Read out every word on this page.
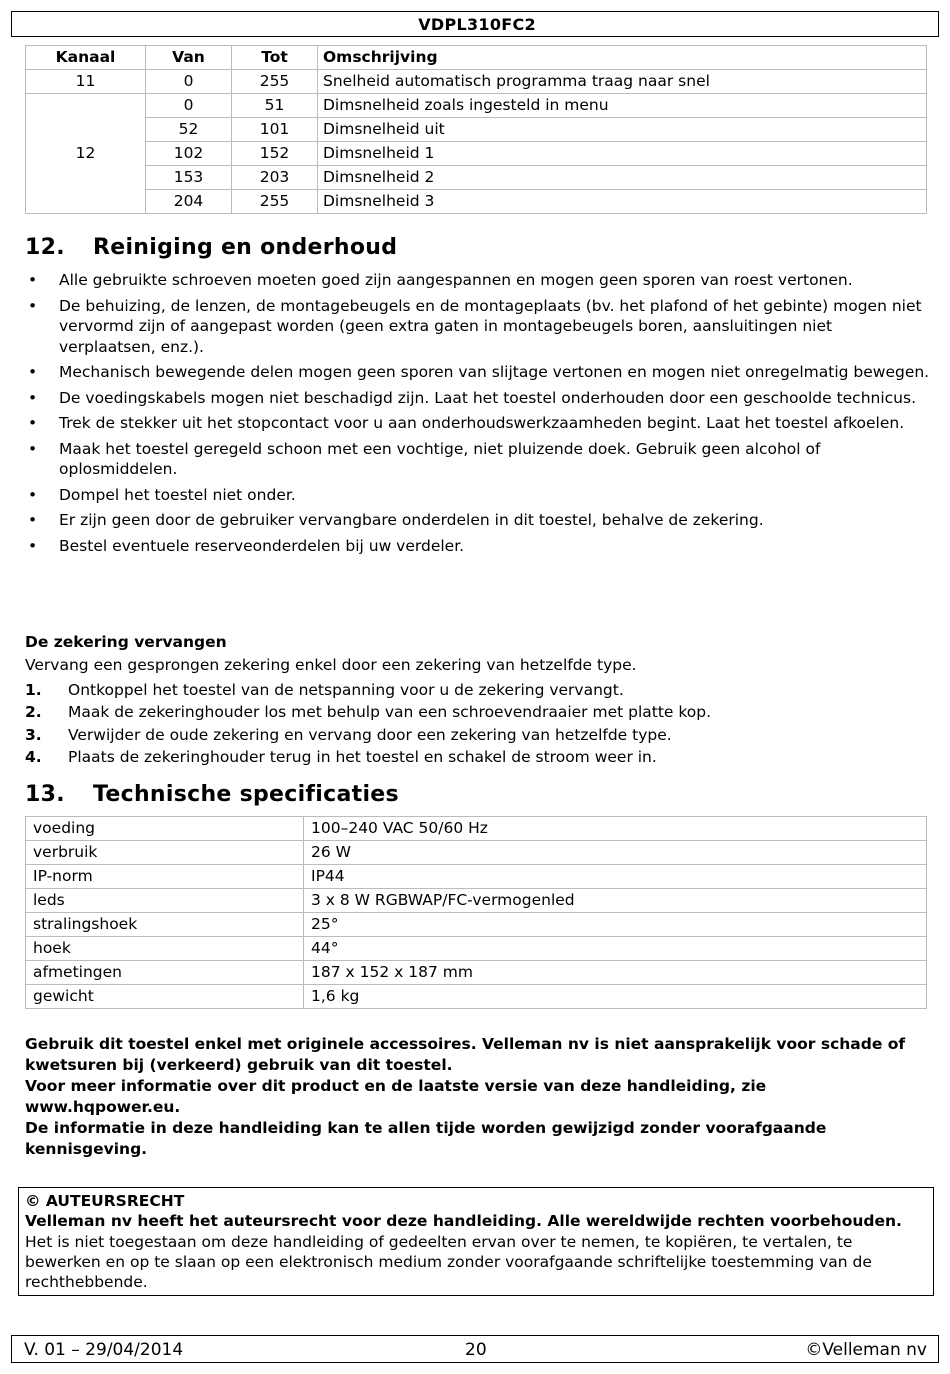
VDPL310FC2
Kanaal	Van	Tot	Omschrijving
11	0	255	Snelheid automatisch programma traag naar snel
12	0	51	Dimsnelheid zoals ingesteld in menu
	52	101	Dimsnelheid uit
	102	152	Dimsnelheid 1
	153	203	Dimsnelheid 2
	204	255	Dimsnelheid 3
12. Reiniging en onderhoud
• Alle gebruikte schroeven moeten goed zijn aangespannen en mogen geen sporen van roest vertonen.
• De behuizing, de lenzen, de montagebeugels en de montageplaats (bv. het plafond of het gebinte) mogen niet vervormd zijn of aangepast worden (geen extra gaten in montagebeugels boren, aansluitingen niet verplaatsen, enz.).
• Mechanisch bewegende delen mogen geen sporen van slijtage vertonen en mogen niet onregelmatig bewegen.
• De voedingskabels mogen niet beschadigd zijn. Laat het toestel onderhouden door een geschoolde technicus.
• Trek de stekker uit het stopcontact voor u aan onderhoudswerkzaamheden begint. Laat het toestel afkoelen.
• Maak het toestel geregeld schoon met een vochtige, niet pluizende doek. Gebruik geen alcohol of oplosmiddelen.
• Dompel het toestel niet onder.
• Er zijn geen door de gebruiker vervangbare onderdelen in dit toestel, behalve de zekering.
• Bestel eventuele reserveonderdelen bij uw verdeler.
De zekering vervangen
Vervang een gesprongen zekering enkel door een zekering van hetzelfde type.
1. Ontkoppel het toestel van de netspanning voor u de zekering vervangt.
2. Maak de zekeringhouder los met behulp van een schroevendraaier met platte kop.
3. Verwijder de oude zekering en vervang door een zekering van hetzelfde type.
4. Plaats de zekeringhouder terug in het toestel en schakel de stroom weer in.
13. Technische specificaties
voeding	100–240 VAC 50/60 Hz
verbruik	26 W
IP-norm	IP44
leds	3 x 8 W RGBWAP/FC-vermogenled
stralingshoek	25°
hoek	44°
afmetingen	187 x 152 x 187 mm
gewicht	1,6 kg

Gebruik dit toestel enkel met originele accessoires. Velleman nv is niet aansprakelijk voor schade of kwetsuren bij (verkeerd) gebruik van dit toestel.

Voor meer informatie over dit product en de laatste versie van deze handleiding, zie www.hqpower.eu.

De informatie in deze handleiding kan te allen tijde worden gewijzigd zonder voorafgaande kennisgeving.

© AUTEURSRECHT
Velleman nv heeft het auteursrecht voor deze handleiding. Alle wereldwijde rechten voorbehouden. Het is niet toegestaan om deze handleiding of gedeelten ervan over te nemen, te kopiëren, te vertalen, te bewerken en op te slaan op een elektronisch medium zonder voorafgaande schriftelijke toestemming van de rechthebbende.
V. 01 – 29/04/2014	20	©Velleman nv
